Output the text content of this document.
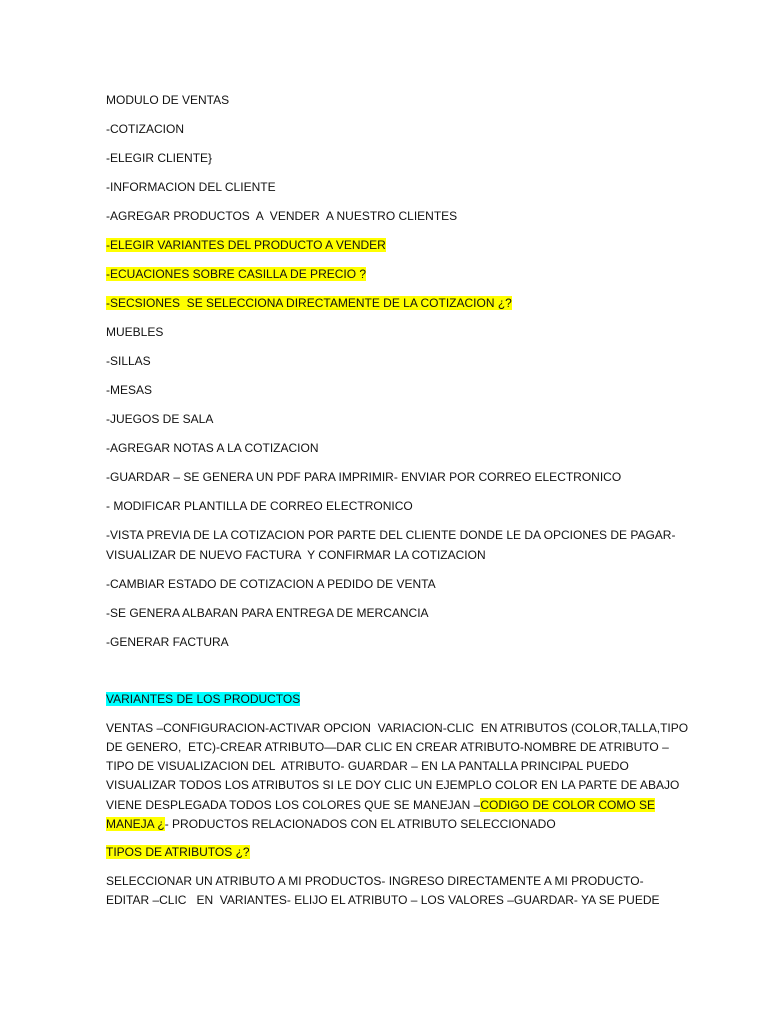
MODULO DE VENTAS
-COTIZACION
-ELEGIR CLIENTE}
-INFORMACION DEL CLIENTE
-AGREGAR PRODUCTOS  A  VENDER  A NUESTRO CLIENTES
-ELEGIR VARIANTES DEL PRODUCTO A VENDER
-ECUACIONES SOBRE CASILLA DE PRECIO ?
-SECSIONES  SE SELECCIONA DIRECTAMENTE DE LA COTIZACION ¿?
MUEBLES
-SILLAS
-MESAS
-JUEGOS DE SALA
-AGREGAR NOTAS A LA COTIZACION
-GUARDAR – SE GENERA UN PDF PARA IMPRIMIR- ENVIAR POR CORREO ELECTRONICO
- MODIFICAR PLANTILLA DE CORREO ELECTRONICO
-VISTA PREVIA DE LA COTIZACION POR PARTE DEL CLIENTE DONDE LE DA OPCIONES DE PAGAR-
VISUALIZAR DE NUEVO FACTURA  Y CONFIRMAR LA COTIZACION
-CAMBIAR ESTADO DE COTIZACION A PEDIDO DE VENTA
-SE GENERA ALBARAN PARA ENTREGA DE MERCANCIA
-GENERAR FACTURA
VARIANTES DE LOS PRODUCTOS
VENTAS –CONFIGURACION-ACTIVAR OPCION  VARIACION-CLIC  EN ATRIBUTOS (COLOR,TALLA,TIPO
DE GENERO,  ETC)-CREAR ATRIBUTO—DAR CLIC EN CREAR ATRIBUTO-NOMBRE DE ATRIBUTO –
TIPO DE VISUALIZACION DEL  ATRIBUTO- GUARDAR – EN LA PANTALLA PRINCIPAL PUEDO
VISUALIZAR TODOS LOS ATRIBUTOS SI LE DOY CLIC UN EJEMPLO COLOR EN LA PARTE DE ABAJO
VIENE DESPLEGADA TODOS LOS COLORES QUE SE MANEJAN –CODIGO DE COLOR COMO SE
MANEJA ¿- PRODUCTOS RELACIONADOS CON EL ATRIBUTO SELECCIONADO
TIPOS DE ATRIBUTOS ¿?
SELECCIONAR UN ATRIBUTO A MI PRODUCTOS- INGRESO DIRECTAMENTE A MI PRODUCTO-
EDITAR –CLIC   EN  VARIANTES- ELIJO EL ATRIBUTO – LOS VALORES –GUARDAR- YA SE PUEDE
